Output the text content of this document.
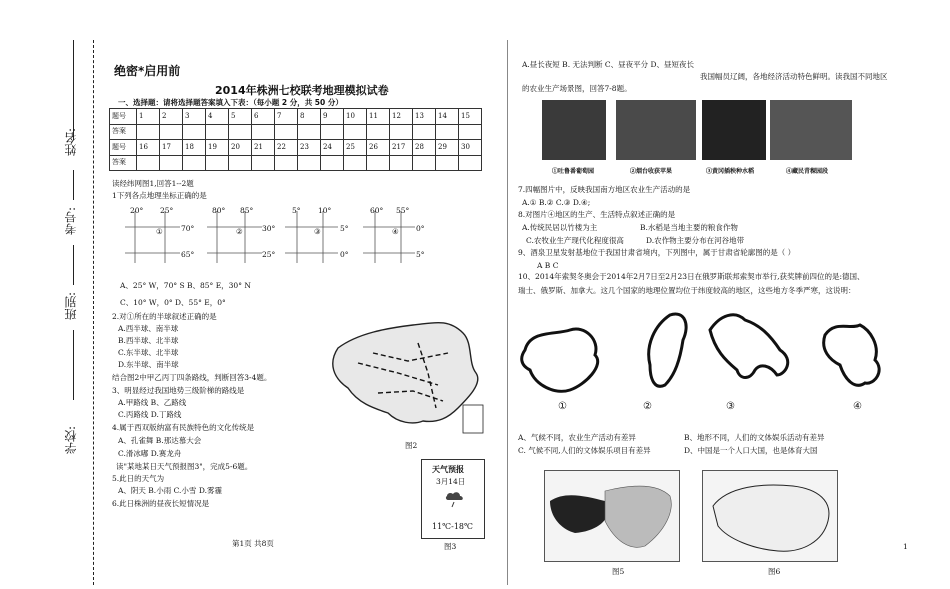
姓名:
考号:
班别:
学校:
绝密*启用前
2014年株洲七校联考地理模拟试卷
一、选择题：请将选择题答案填入下表：（每小题 2 分，共 50 分）
题号	1	2	3	4	5	6	7	8	9	10	11	12	13	14	15
答案															
题号	16	17	18	19	20	21	22	23	24	25	26	217	28	29	30
答案															
读经纬网图1,回答1--2题
1下列各点地理坐标正确的是
20° 25°
70°
65°
①
80° 85°
30°
25°
②
5° 10°
5°
0°
③
60° 55°
0°
5°
④
A、25° W，70° S B、85° E，30° N
C、10° W，0° D、55° E，0°
2.对①所在的半球叙述正确的是
A.西半球、南半球
B.西半球、北半球
C.东半球、北半球
D.东半球、南半球
结合图2中甲乙丙丁四条路线，判断回答3-4题。
3、明显经过我国地势三级阶梯的路线是
A.甲路线 B、乙路线
C.丙路线 D.丁路线
4.属于西双版纳富有民族特色的文化传统是
A、孔雀舞 B.那达慕大会
C.滑冰嘟 D.赛龙舟
读"某地某日天气预报图3"，完成5-6题。
5.此日的天气为
A、阴天 B.小雨 C.小雪 D.雾霾
6.此日株洲的昼夜长短情况是
图2
天气预报
3月14日
11℃-18℃
图3
第1页 共8页
A.昼长夜短 B. 无法判断 C、昼夜平分 D、昼短夜长
我国幅员辽阔，各地经济活动特色鲜明。读我国不同地区
的农业生产场景图，回答7-8题。
①吐鲁番葡萄园	②烟台收获苹果	③黄冈插秧种水稻	④藏民青稞园段
7.四幅图片中，反映我国南方地区农业生产活动的是
A.① B.② C.③ D.④;
8.对图片④地区的生产、生活特点叙述正确的是
A.传统民居以竹楼为主	B.水稻是当地主要的粮食作物
C.农牧业生产现代化程度很高	D.农作物主要分布在河谷地带
9、酒泉卫星发射基地位于我国甘肃省境内，下列图中，属于甘肃省轮廓图的是（ ）
A B C
10、2014年索契冬奥会于2014年2月7日至2月23日在俄罗斯联邦索契市举行,获奖牌前四位的是:德国、
瑞士、俄罗斯、加拿大。这几个国家的地理位置均位于纬度较高的地区，这些地方冬季严寒，这说明：
①	②	③	④
A、气候不同，农业生产活动有差异	B、地形不同，人们的文体娱乐活动有差异
C. 气候不同,人们的文体娱乐项目有差异	D、中国是一个人口大国，也是体育大国
图5	图6
1
